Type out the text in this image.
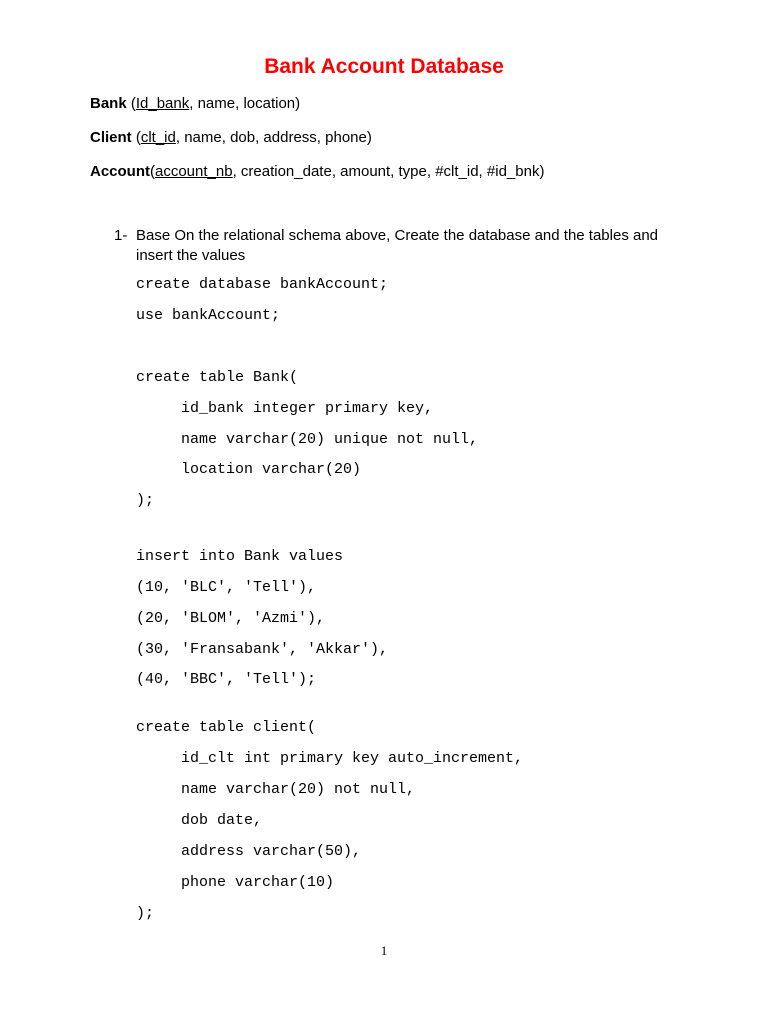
Bank Account Database
Bank (Id_bank, name, location)
Client (clt_id, name, dob, address, phone)
Account(account_nb, creation_date, amount, type, #clt_id, #id_bnk)
1- Base On the relational schema above, Create the database and the tables and insert the values
create database bankAccount;
use bankAccount;
create table Bank(
id_bank integer primary key,
name varchar(20) unique not null,
location varchar(20)
);
insert into Bank values
(10, 'BLC', 'Tell'),
(20, 'BLOM', 'Azmi'),
(30, 'Fransabank', 'Akkar'),
(40, 'BBC', 'Tell');
create table client(
id_clt int primary key auto_increment,
name varchar(20) not null,
dob date,
address varchar(50),
phone varchar(10)
);
1
